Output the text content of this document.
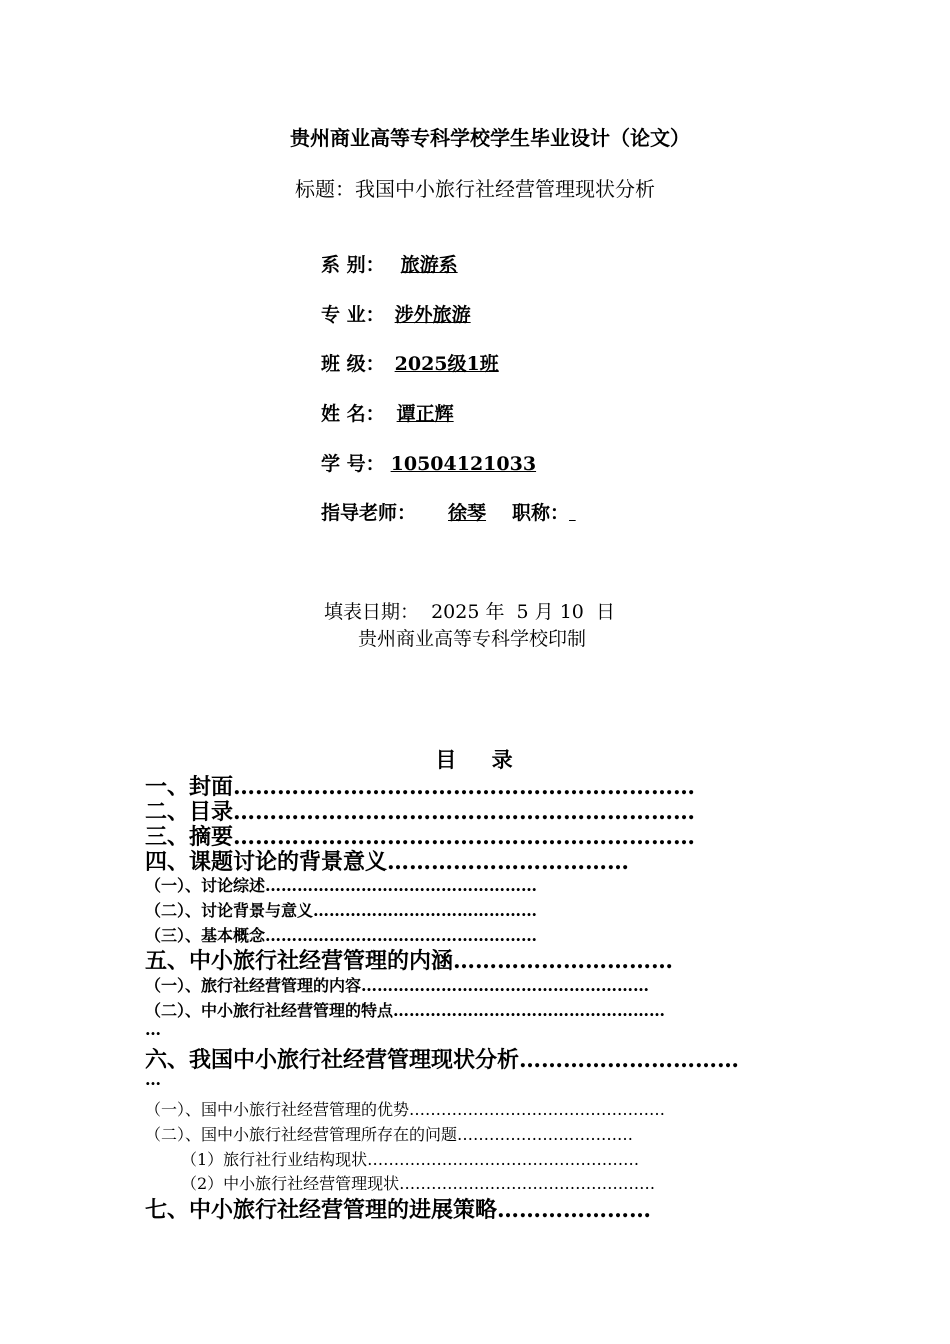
贵州商业高等专科学校学生毕业设计（论文）
标题：我国中小旅行社经营管理现状分析
系 别： 旅游系
专 业： 涉外旅游
班 级： 2025级1班
姓 名： 谭正辉
学 号： 10504121033
指导老师： 徐琴 职称：
填表日期：  2025 年  5 月 10  日
贵州商业高等专科学校印制
目 录
一、封面………………………………………………………
二、目录………………………………………………………
三、摘要………………………………………………………
四、课题讨论的背景意义……………………………
（一）、讨论综述……………………………………………
（二）、讨论背景与意义……………………………………
（三）、基本概念……………………………………………
五、中小旅行社经营管理的内涵…………………………
（一）、旅行社经营管理的内容………………………………………………
（二）、中小旅行社经营管理的特点……………………………………………
…
六、我国中小旅行社经营管理现状分析…………………………
…
（一）、国中小旅行社经营管理的优势…………………………………………
（二）、国中小旅行社经营管理所存在的问题……………………………
（1）旅行社行业结构现状……………………………………………
（2）中小旅行社经营管理现状…………………………………………
七、中小旅行社经营管理的进展策略…………………
